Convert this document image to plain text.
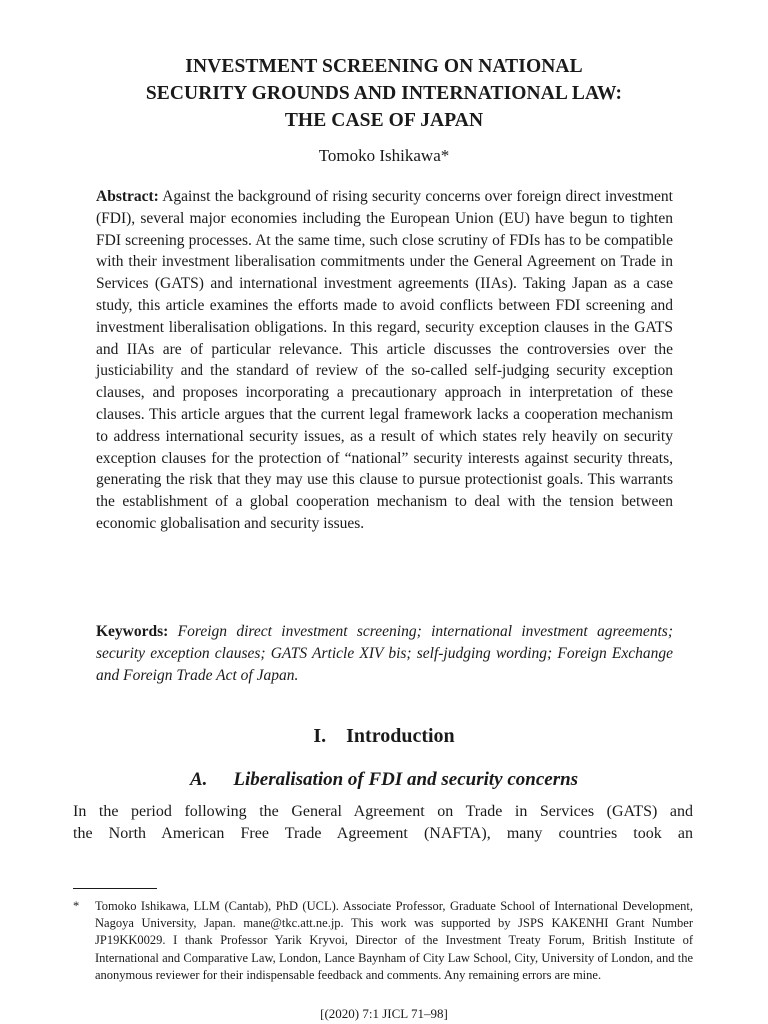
INVESTMENT SCREENING ON NATIONAL
SECURITY GROUNDS AND INTERNATIONAL LAW:
THE CASE OF JAPAN
Tomoko Ishikawa*
Abstract: Against the background of rising security concerns over foreign direct investment (FDI), several major economies including the European Union (EU) have begun to tighten FDI screening processes. At the same time, such close scrutiny of FDIs has to be compatible with their investment liberalisation commitments under the General Agreement on Trade in Services (GATS) and international investment agreements (IIAs). Taking Japan as a case study, this article examines the efforts made to avoid conflicts between FDI screening and investment liberalisation obligations. In this regard, security exception clauses in the GATS and IIAs are of particular relevance. This article discusses the controversies over the justiciability and the standard of review of the so-called self-judging security exception clauses, and proposes incorporating a precautionary approach in interpretation of these clauses. This article argues that the current legal framework lacks a cooperation mechanism to address international security issues, as a result of which states rely heavily on security exception clauses for the protection of “national” security interests against security threats, generating the risk that they may use this clause to pursue protectionist goals. This warrants the establishment of a global cooperation mechanism to deal with the tension between economic globalisation and security issues.
Keywords: Foreign direct investment screening; international investment agreements; security exception clauses; GATS Article XIV bis; self-judging wording; Foreign Exchange and Foreign Trade Act of Japan.
I. Introduction
A. Liberalisation of FDI and security concerns
In the period following the General Agreement on Trade in Services (GATS) and
the North American Free Trade Agreement (NAFTA), many countries took an
*	Tomoko Ishikawa, LLM (Cantab), PhD (UCL). Associate Professor, Graduate School of International Development, Nagoya University, Japan. mane@tkc.att.ne.jp. This work was supported by JSPS KAKENHI Grant Number JP19KK0029. I thank Professor Yarik Kryvoi, Director of the Investment Treaty Forum, British Institute of International and Comparative Law, London, Lance Baynham of City Law School, City, University of London, and the anonymous reviewer for their indispensable feedback and comments. Any remaining errors are mine.
[(2020) 7:1 JICL 71–98]
